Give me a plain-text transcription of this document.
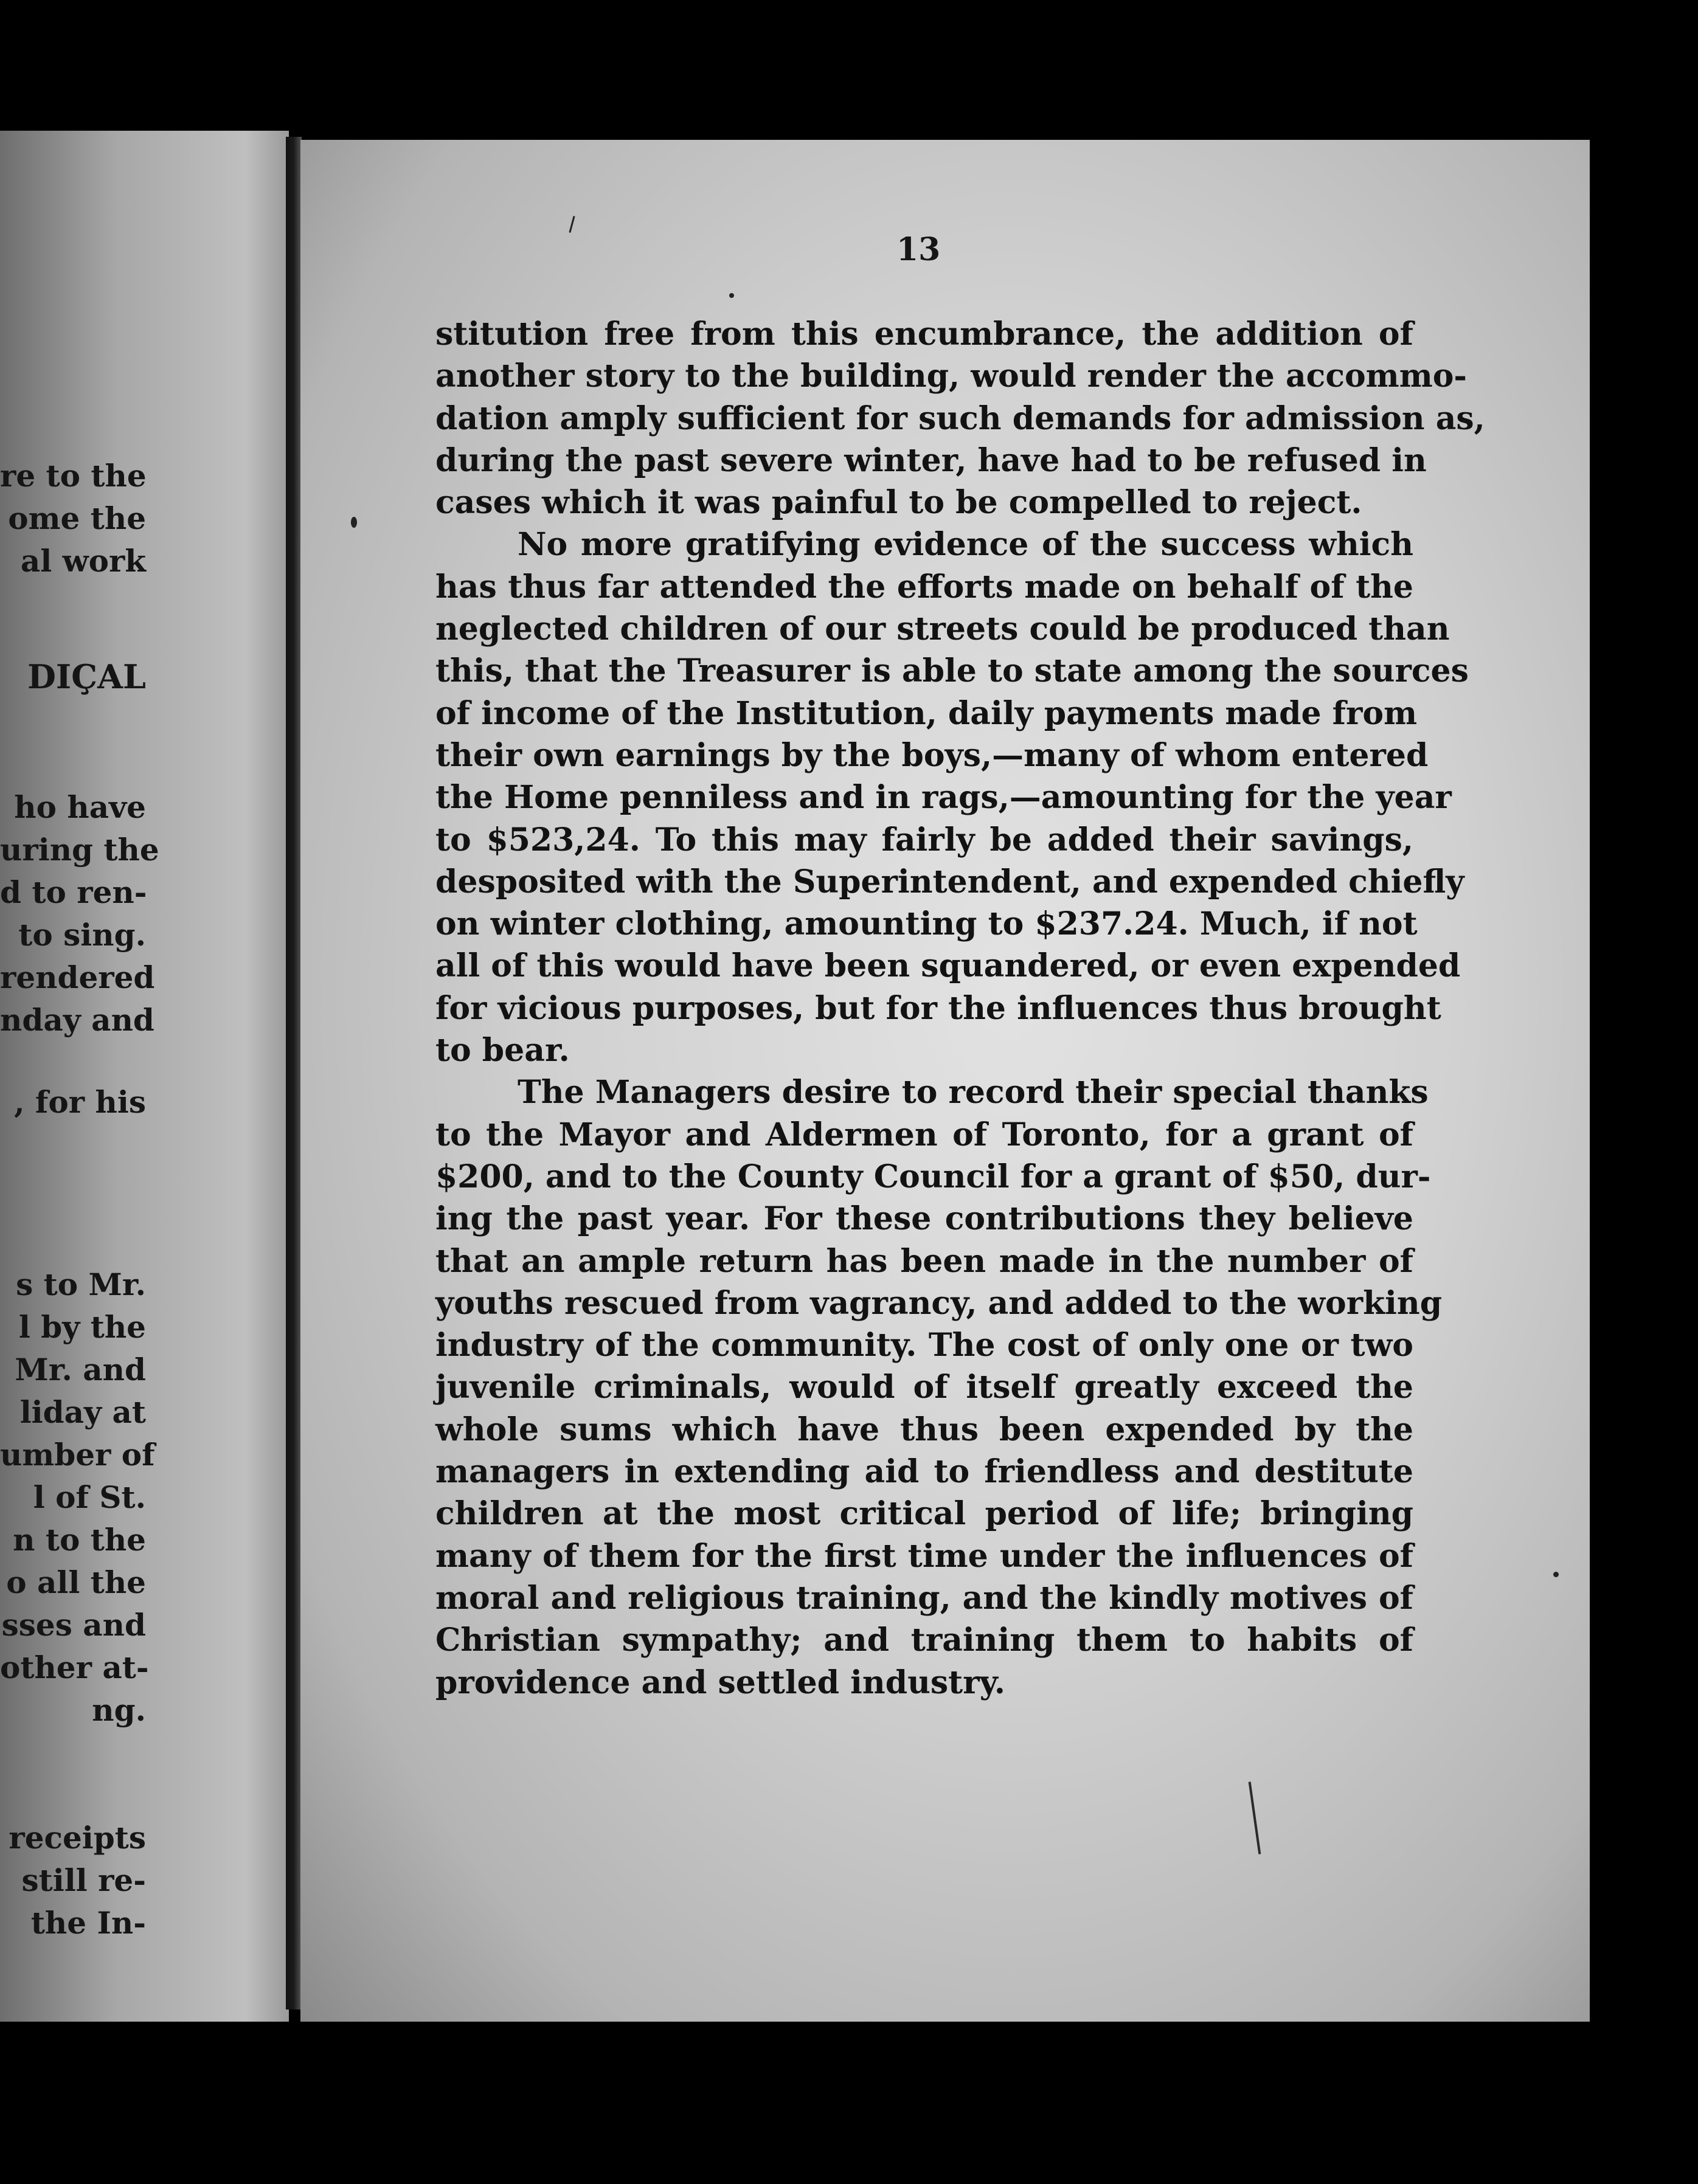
re to the
ome the
al work
DIÇAL
ho have
uring the
d to ren-
to sing.
rendered
nday and
, for his
s to Mr.
l by the
Mr. and
liday at
umber of
l of St.
n to the
o all the
sses and
other at-
ng.
receipts
still re-
the In-
13

stitution free from this encumbrance, the addition of
another story to the building, would render the accommo-
dation amply sufficient for such demands for admission as,
during the past severe winter, have had to be refused in
cases which it was painful to be compelled to reject.

No more gratifying evidence of the success which
has thus far attended the efforts made on behalf of the
neglected children of our streets could be produced than
this, that the Treasurer is able to state among the sources
of income of the Institution, daily payments made from
their own earnings by the boys,—many of whom entered
the Home penniless and in rags,—amounting for the year
to $523,24. To this may fairly be added their savings,
desposited with the Superintendent, and expended chiefly
on winter clothing, amounting to $237.24. Much, if not
all of this would have been squandered, or even expended
for vicious purposes, but for the influences thus brought
to bear.

The Managers desire to record their special thanks
to the Mayor and Aldermen of Toronto, for a grant of
$200, and to the County Council for a grant of $50, dur-
ing the past year. For these contributions they believe
that an ample return has been made in the number of
youths rescued from vagrancy, and added to the working
industry of the community. The cost of only one or two
juvenile criminals, would of itself greatly exceed the
whole sums which have thus been expended by the
managers in extending aid to friendless and destitute
children at the most critical period of life; bringing
many of them for the first time under the influences of
moral and religious training, and the kindly motives of
Christian sympathy; and training them to habits of
providence and settled industry.
